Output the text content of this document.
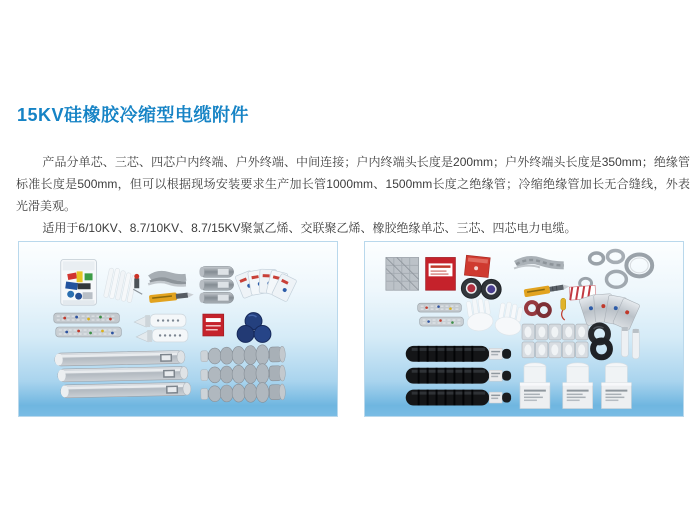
15KV硅橡胶冷缩型电缆附件

产品分单芯、三芯、四芯户内终端、户外终端、中间连接；户内终端头长度是200mm；户外终端头长度是350mm；绝缘管标准长度是500mm，但可以根据现场安装要求生产加长管1000mm、1500mm长度之绝缘管；冷缩绝缘管加长无合缝线，外表 光滑美观。

适用于6/10KV、8.7/10KV、8.7/15KV聚氯乙烯、交联聚乙烯、橡胶绝缘单芯、三芯、四芯电力电缆。
